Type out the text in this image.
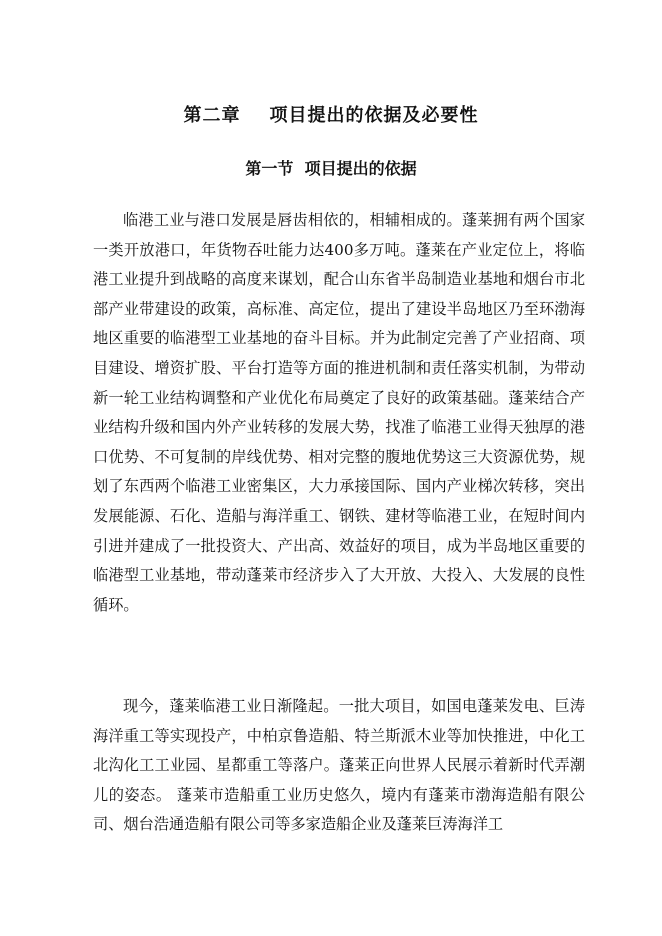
第二章    项目提出的依据及必要性
第一节  项目提出的依据

临港工业与港口发展是唇齿相依的，相辅相成的。蓬莱拥有两个国家一类开放港口，年货物吞吐能力达400多万吨。蓬莱在产业定位上，将临港工业提升到战略的高度来谋划，配合山东省半岛制造业基地和烟台市北部产业带建设的政策，高标准、高定位，提出了建设半岛地区乃至环渤海地区重要的临港型工业基地的奋斗目标。并为此制定完善了产业招商、项目建设、增资扩股、平台打造等方面的推进机制和责任落实机制，为带动新一轮工业结构调整和产业优化布局奠定了良好的政策基础。蓬莱结合产业结构升级和国内外产业转移的发展大势，找准了临港工业得天独厚的港口优势、不可复制的岸线优势、相对完整的腹地优势这三大资源优势，规划了东西两个临港工业密集区，大力承接国际、国内产业梯次转移，突出发展能源、石化、造船与海洋重工、钢铁、建材等临港工业，在短时间内引进并建成了一批投资大、产出高、效益好的项目，成为半岛地区重要的临港型工业基地，带动蓬莱市经济步入了大开放、大投入、大发展的良性循环。

现今，蓬莱临港工业日渐隆起。一批大项目，如国电蓬莱发电、巨涛海洋重工等实现投产，中柏京鲁造船、特兰斯派木业等加快推进，中化工北沟化工工业园、星都重工等落户。蓬莱正向世界人民展示着新时代弄潮儿的姿态。 蓬莱市造船重工业历史悠久，境内有蓬莱市渤海造船有限公司、烟台浩通造船有限公司等多家造船企业及蓬莱巨涛海洋工
